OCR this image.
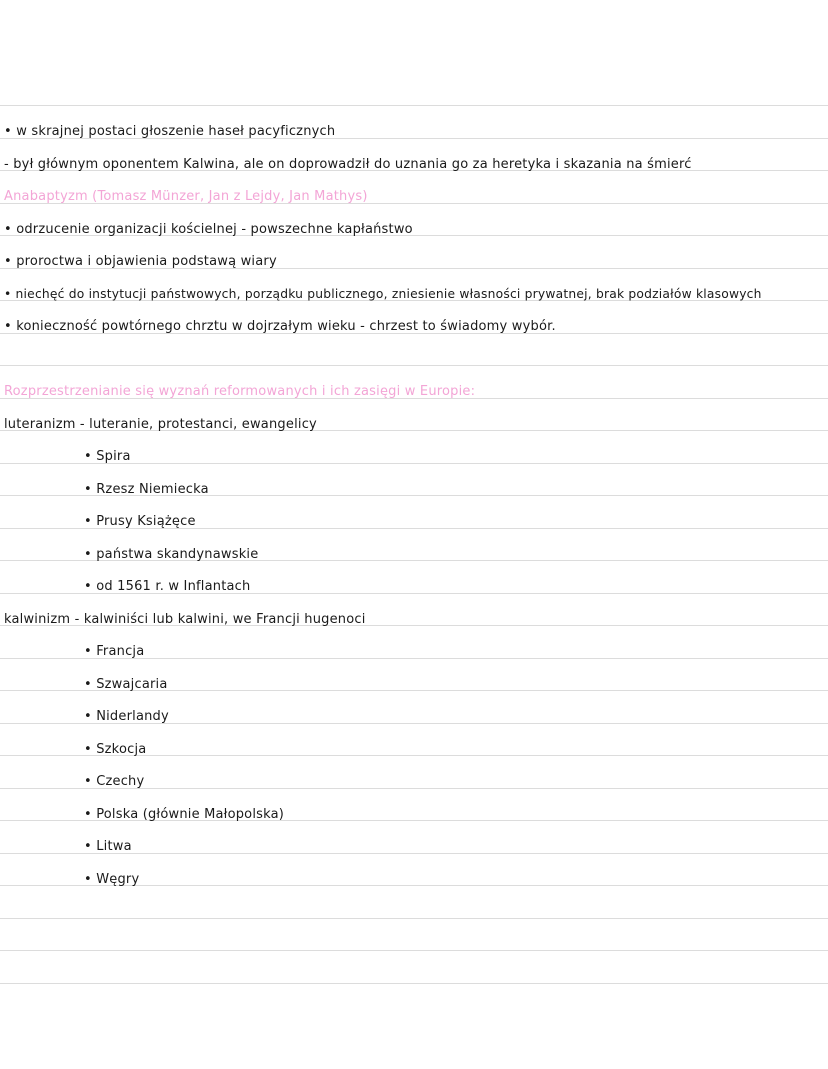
• w skrajnej postaci głoszenie haseł pacyficznych
- był głównym oponentem Kalwina, ale on doprowadził do uznania go za heretyka i skazania na śmierć
Anabaptyzm (Tomasz Münzer, Jan z Lejdy, Jan Mathys)
• odrzucenie organizacji kościelnej - powszechne kapłaństwo
• proroctwa i objawienia podstawą wiary
• niechęć do instytucji państwowych, porządku publicznego, zniesienie własności prywatnej, brak podziałów klasowych
• konieczność powtórnego chrztu w dojrzałym wieku - chrzest to świadomy wybór.
Rozprzestrzenianie się wyznań reformowanych i ich zasięgi w Europie:
luteranizm - luteranie, protestanci, ewangelicy
• Spira
• Rzesz Niemiecka
• Prusy Książęce
• państwa skandynawskie
• od 1561 r. w Inflantach
kalwinizm - kalwiniści lub kalwini, we Francji hugenoci
• Francja
• Szwajcaria
• Niderlandy
• Szkocja
• Czechy
• Polska (głównie Małopolska)
• Litwa
• Węgry
